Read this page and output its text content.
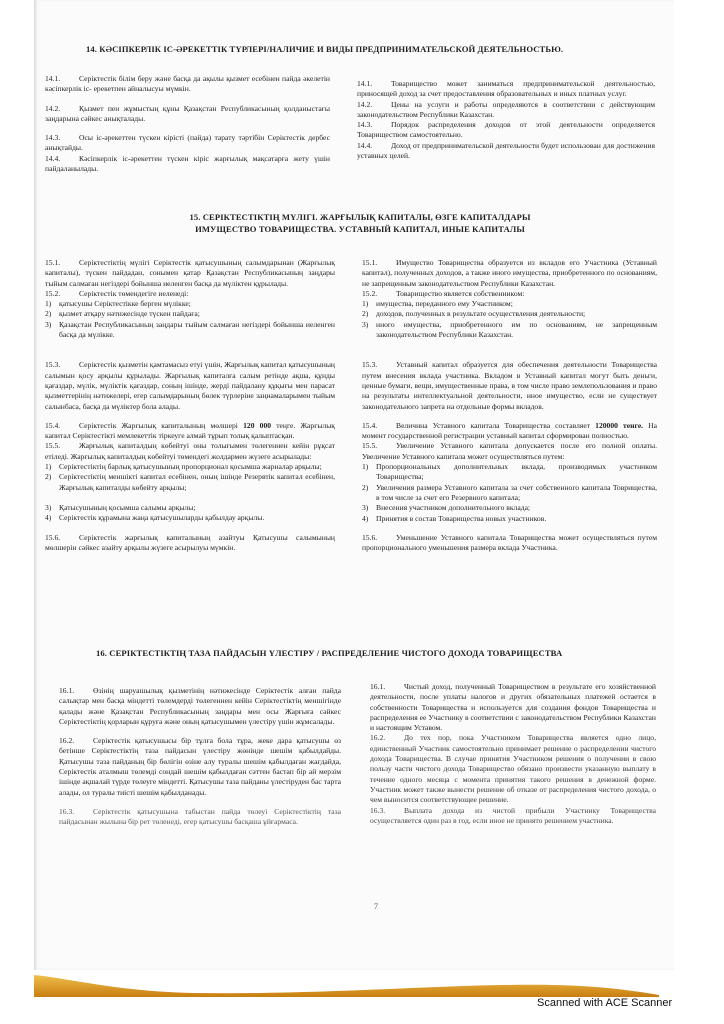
14. КӘСІПКЕРЛІК ІС-ӘРЕКЕТТІК ТҮРЛЕРІ/НАЛИЧИЕ И ВИДЫ ПРЕДПРИНИМАТЕЛЬСКОЙ ДЕЯТЕЛЬНОСТЬЮ.

14.1. Серіктестік білім беру және басқа да ақылы қызмет есебінен пайда әкелетін кәсіпкерлік іс- ерекетпен айналысуы мүмкін.

14.2. Қызмет пен жұмыстың құны Қазақстан Республикасының қолданыстағы заңдарына сәйкес анықталады.

14.3. Осы іс-әрекеттен түскен кірісті (пайда) тарату тәртібін Серіктестік дербес анықтайды.

14.4. Кәсіпкерлік іс-әрекеттен түскен кіріс жарғылық мақсатарға жету үшін пайдаланылады.

14.1. Товарищество может заниматься предпринимательской деятельностью, приносящей доход за счет предоставления образовательных и иных платных услуг.

14.2. Цены на услуги и работы определяются в соответствии с действующим законодательством Республики Казахстан.

14.3. Порядок распределения доходов от этой деятельности определяется Товариществом самостоятельно.

14.4. Доход от предпринимательской деятельности будет использован для достижения уставных целей.

15. СЕРІКТЕСТІКТІҢ МҮЛІГІ. ЖАРҒЫЛЫҚ КАПИТАЛЫ, ӨЗГЕ КАПИТАЛДАРЫ
ИМУЩЕСТВО ТОВАРИЩЕСТВА. УСТАВНЫЙ КАПИТАЛ, ИНЫЕ КАПИТАЛЫ

15.1. Серіктестіктің мүлігі Серіктестік қатысушының салымдарынан (Жарғылық капиталы), түскен пайдадан, сонымен қатар Қазақстан Республикасының заңдары тыйым салмаған негіздері бойынша иеленген басқа да мүліктен құрылады.

15.2. Серіктестік төмендегіге иеленеді:

1)	қатысушы Серіктестікке берген мүлікке;
2)	қызмет атқару нәтижесінде түскен пайдаға;
3)	Қазақстан Республикасының заңдары тыйым салмаған негіздері бойынша иеленген басқа да мүлікке.

15.3. Серіктестік қызметін қамтамасыз етуі үшін, Жарғылық капитал қатысушының салымын қосу арқылы құрылады. Жарғылық капиталға салым ретінде ақша, құнды қағаздар, мүлік, мүліктік қағаздар, соның ішінде, жерді пайдалану құқығы мен парасат қызметтерінің нәтижелері, егер салымдарының бөлек түрлеріне заңнамаларымен тыйым салынбаса, басқа да мүліктер бола алады.

15.4. Серіктестік Жарғылық капиталының мөлшері 120 000 теңге. Жарғылық капитал Серіктестікті мемлекеттік тіркеуге алмай тұрып толық қалыптасқан.

15.5. Жарғылық капиталдың көбейтуі оны толығымен төлегеннен кейін рұқсат етіледі. Жарғылық капиталдың көбейтуі төмендегі жолдармен жүзеге асырылады:

1)	Серіктестіктің барлық қатысушының пропорционал қосымша жарналар арқылы;
2)	Серіктестіктің меншікті капитал есебінен, оның ішінде Резервтік капитал есебінен, Жарғылық капиталды көбейту арқылы;
3)	Қатысушының қосымша салымы арқылы;
4)	Серіктестік құрамына жаңа қатысушыларды қабылдау арқылы.

15.6. Серіктестік жарғылық капиталының азайтуы Қатысушы салымының мөлшерін сәйкес азайту арқылы жүзеге асырылуы мүмкін.

15.1. Имущество Товарищества образуется из вкладов его Участника (Уставный капитал), полученных доходов, а также иного имущества, приобретенного по основаниям, не запрещенным законодательством Республики Казахстан.

15.2. Товарищество является собственником:

1)	имущества, переданного ему Участником;
2)	доходов, полученных в результате осуществления деятельности;
3)	иного имущества, приобретенного им по основаниям, не запрещенным законодательством Республики Казахстан.

15.3. Уставный капитал образуется для обеспечения деятельности Товарищества путем внесения вклада участника. Вкладом в Уставный капитал могут быть деньги, ценные бумаги, вещи, имущественные права, в том числе право землепользования и право на результаты интеллектуальной деятельности, иное имущество, если не существует законодательного запрета на отдельные формы вкладов.

15.4. Величина Уставного капитала Товарищества составляет 120000 тенге. На момент государственной регистрации уставный капитал сформирован полностью.

15.5. Увеличение Уставного капитала допускается после его полной оплаты. Увеличение Уставного капитала может осуществляться путем:

1)	Пропорциональных дополнительных вклада, производимых участником Товарищества;
2)	Увеличения размера Уставного капитала за счет собственного капитала Товрищества, в том числе за счет его Резервного капитала;
3)	Внесения участником дополнительного вклада;
4)	Принятия в состав Товарищества новых участников.

15.6. Уменьшение Уставного капитала Товарищества может осуществляться путем пропорционального уменьшения размера вклада Участника.

16. СЕРІКТЕСТІКТІҢ ТАЗА ПАЙДАСЫН ҮЛЕСТІРУ / РАСПРЕДЕЛЕНИЕ ЧИСТОГО ДОХОДА ТОВАРИЩЕСТВА

16.1. Өзінің шаруашылық қызметінің нәтижесінде Серіктестік алған пайда салықтар мен басқа міндетті төлемдерді төлегеннен кейін Серіктестіктің меншігінде қалады және Қазақстан Республикасының заңдары мен осы Жарғыға сәйкес Серіктестіктің қорларын құруға және оның қатысушымен үлестіру үшін жұмсалады.

16.2. Серіктестік қатысушысы бір тұлға бола тұра, жеке дара қатысушы өз бетінше Серіктестіктің таза пайдасын үлестіру жөнінде шешім қабылдайды. Қатысушы таза пайданың бір бөлігін өзіне алу туралы шешім қабылдаған жағдайда, Серіктестік аталмыш төлемді сондай шешім қабылдаған сәттен бастап бір ай мерзім ішінде ақшалай түрде төлеуге міндетті. Қатысушы таза пайданы үлестіруден бас тарта алады, ол туралы тиісті шешім қабылданады.

16.3. Серіктестік қатысушына табыстан пайда төлеуі Серіктестіктің таза пайдасынан жылына бір рет төленеді, егер қатысушы басқаша ұйғармаса.

16.1. Чистый доход, полученный Товариществом в результате его хозяйственной деятельности, после уплаты налогов и других обязательных платежей остается в собственности Товарищества и используется для создания фондов Товарищества и распределения ее Участнику в соответствии с законодательством Республики Казахстан и настоящим Уставом.

16.2. До тех пор, пока Участником Товарищества является одно лицо, единственный Участник самостоятельно принимает решение о распределении чистого дохода Товарищества. В случае принятия Участником решения о получении в свою пользу части чистого дохода Товарищество обязано произвести указанную выплату в течение одного месяца с момента принятия такого решения в денежной форме. Участник может также вынести решение об отказе от распределения чистого дохода, о чем выносится соответствующее решение.

16.3. Выплата дохода из чистой прибыли Участнику Товарищества осуществляется один раз в год, если иное не принято решением участника.

7
Scanned with ACE Scanner
